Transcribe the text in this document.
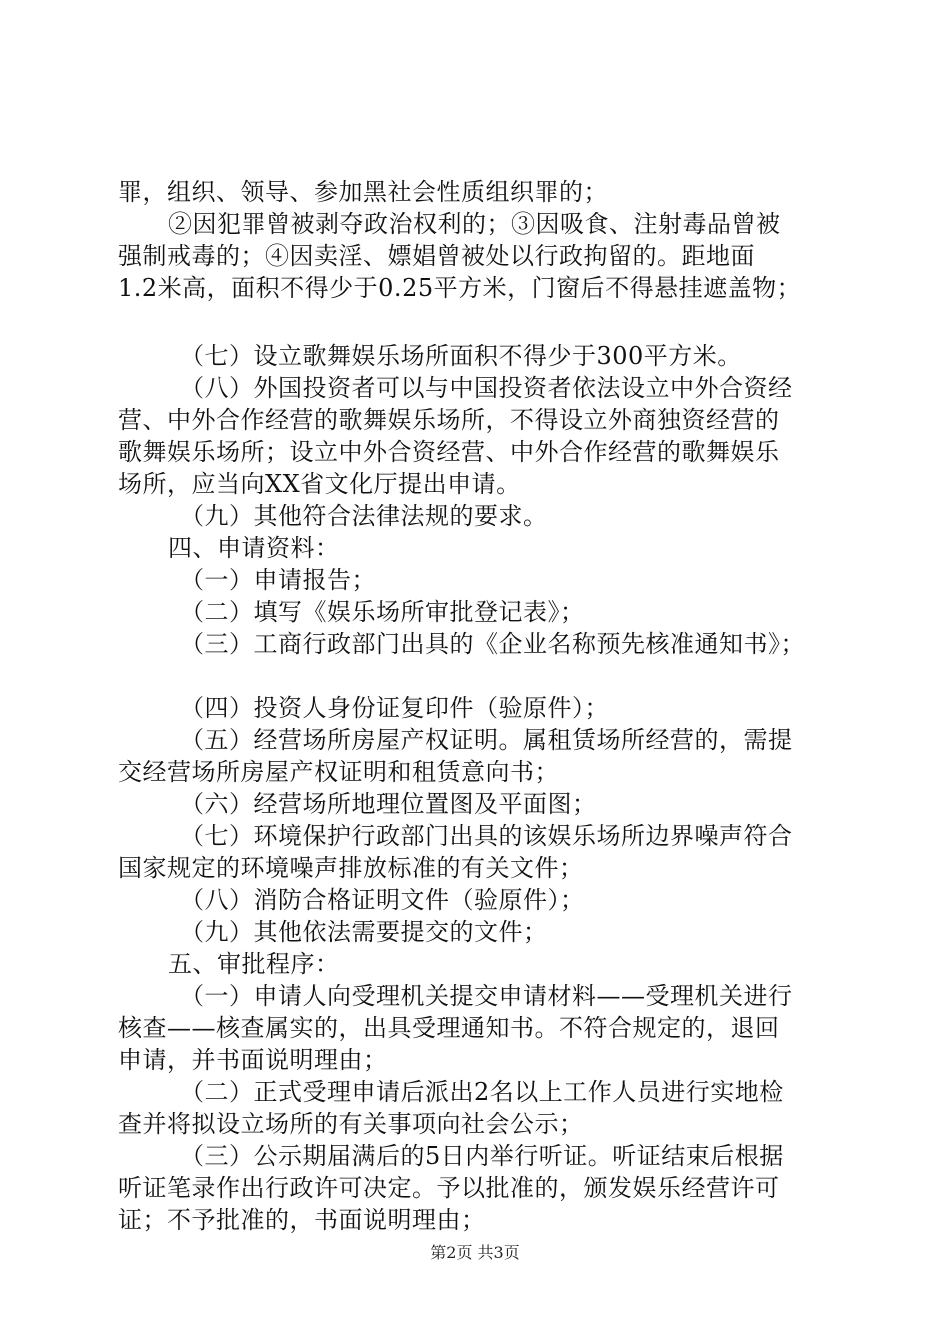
罪，组织、领导、参加黑社会性质组织罪的；
②因犯罪曾被剥夺政治权利的；③因吸食、注射毒品曾被
强制戒毒的；④因卖淫、嫖娼曾被处以行政拘留的。距地面
1.2米高，面积不得少于0.25平方米，门窗后不得悬挂遮盖物；
（七）设立歌舞娱乐场所面积不得少于300平方米。
（八）外国投资者可以与中国投资者依法设立中外合资经
营、中外合作经营的歌舞娱乐场所，不得设立外商独资经营的
歌舞娱乐场所；设立中外合资经营、中外合作经营的歌舞娱乐
场所，应当向XX省文化厅提出申请。
（九）其他符合法律法规的要求。
四、申请资料：
（一）申请报告；
（二）填写《娱乐场所审批登记表》；
（三）工商行政部门出具的《企业名称预先核准通知书》；
（四）投资人身份证复印件（验原件）；
（五）经营场所房屋产权证明。属租赁场所经营的，需提
交经营场所房屋产权证明和租赁意向书；
（六）经营场所地理位置图及平面图；
（七）环境保护行政部门出具的该娱乐场所边界噪声符合
国家规定的环境噪声排放标准的有关文件；
（八）消防合格证明文件（验原件）；
（九）其他依法需要提交的文件；
五、审批程序：
（一）申请人向受理机关提交申请材料——受理机关进行
核查——核查属实的，出具受理通知书。不符合规定的，退回
申请，并书面说明理由；
（二）正式受理申请后派出2名以上工作人员进行实地检
查并将拟设立场所的有关事项向社会公示；
（三）公示期届满后的5日内举行听证。听证结束后根据
听证笔录作出行政许可决定。予以批准的，颁发娱乐经营许可
证；不予批准的，书面说明理由；
第2页 共3页
